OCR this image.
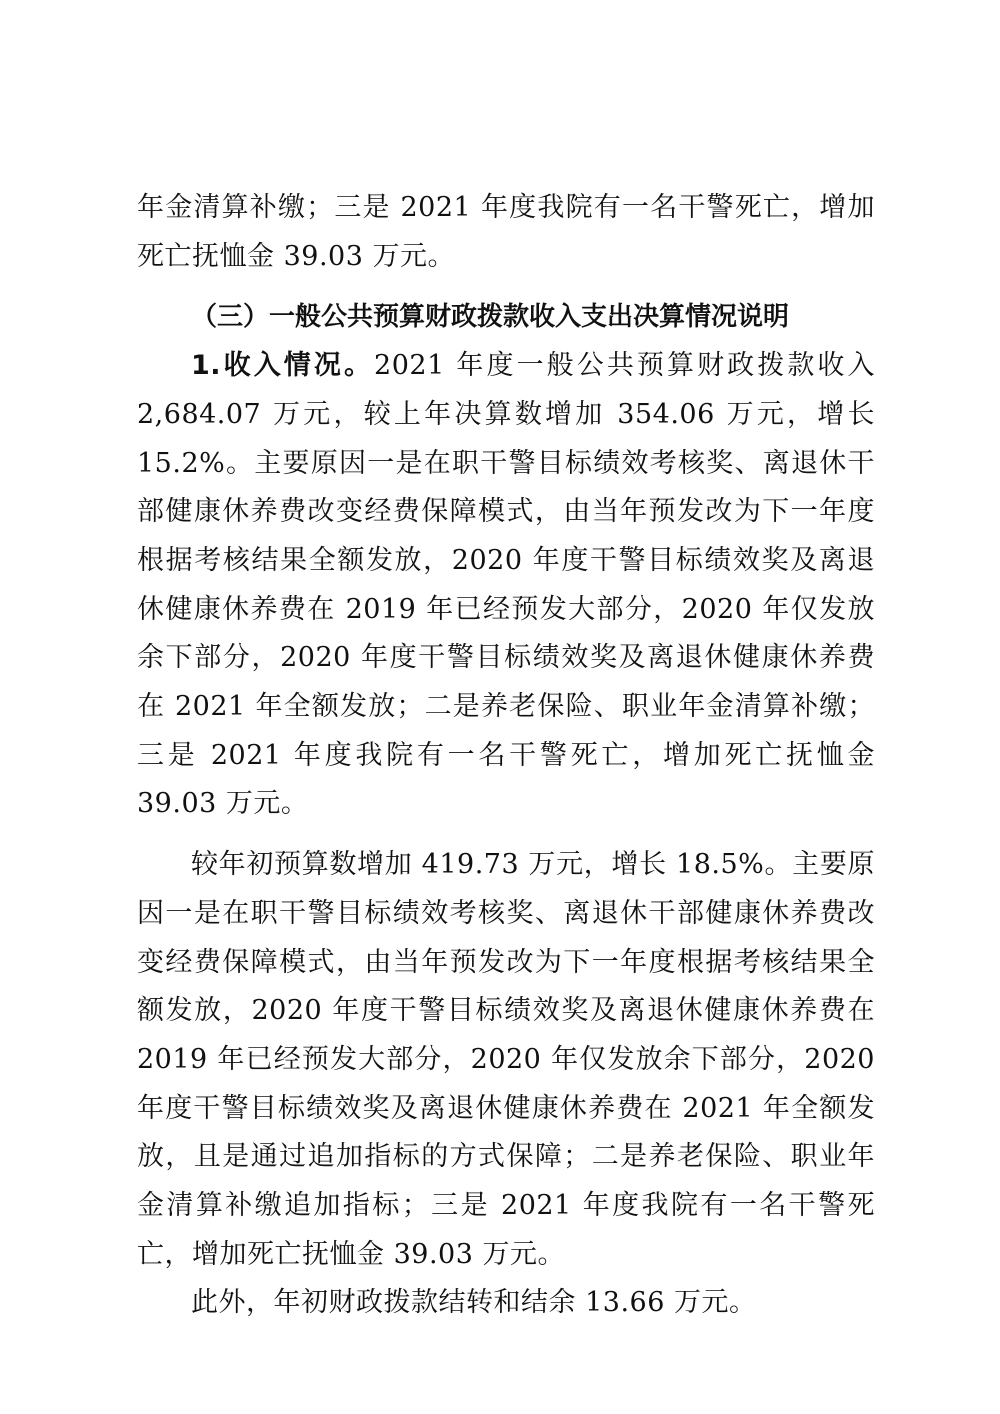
年金清算补缴；三是 2021 年度我院有一名干警死亡，增加死亡抚恤金 39.03 万元。

（三）一般公共预算财政拨款收入支出决算情况说明

1.收入情况。2021 年度一般公共预算财政拨款收入 2,684.07 万元，较上年决算数增加 354.06 万元，增长 15.2%。主要原因一是在职干警目标绩效考核奖、离退休干部健康休养费改变经费保障模式，由当年预发改为下一年度根据考核结果全额发放，2020 年度干警目标绩效奖及离退休健康休养费在 2019 年已经预发大部分，2020 年仅发放余下部分，2020 年度干警目标绩效奖及离退休健康休养费在 2021 年全额发放；二是养老保险、职业年金清算补缴；三是 2021 年度我院有一名干警死亡，增加死亡抚恤金 39.03 万元。

较年初预算数增加 419.73 万元，增长 18.5%。主要原因一是在职干警目标绩效考核奖、离退休干部健康休养费改变经费保障模式，由当年预发改为下一年度根据考核结果全额发放，2020 年度干警目标绩效奖及离退休健康休养费在 2019 年已经预发大部分，2020 年仅发放余下部分，2020 年度干警目标绩效奖及离退休健康休养费在 2021 年全额发放，且是通过追加指标的方式保障；二是养老保险、职业年金清算补缴追加指标；三是 2021 年度我院有一名干警死亡，增加死亡抚恤金 39.03 万元。

此外，年初财政拨款结转和结余 13.66 万元。
